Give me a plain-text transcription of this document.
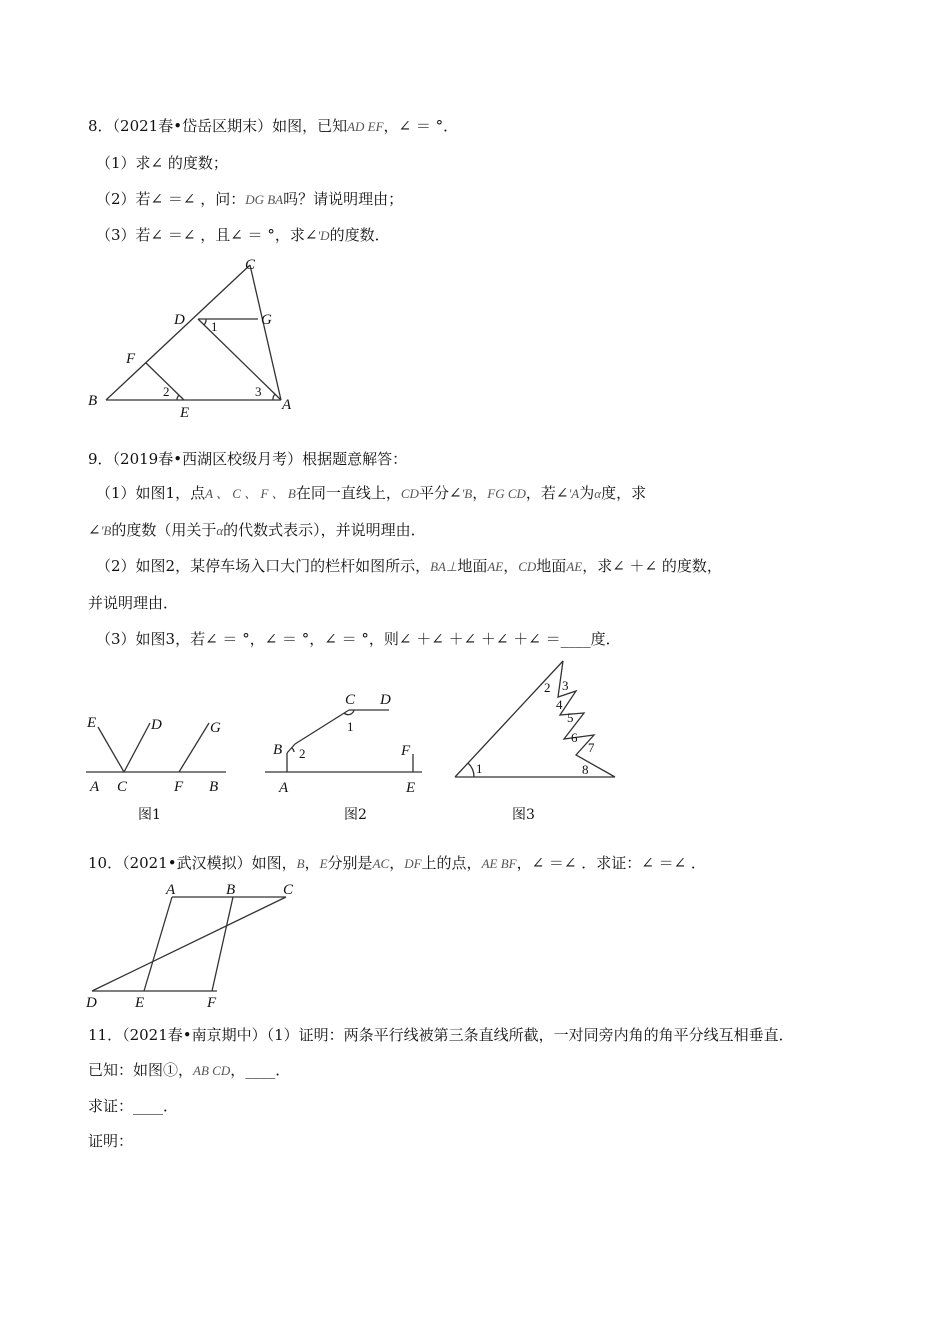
8．（2021春•岱岳区期末）如图，已知AD EF，∠ ＝ °．
（1）求∠ 的度数；
（2）若∠ ＝∠ ，问：DG BA吗？请说明理由；
（3）若∠ ＝∠ ，且∠ ＝ °，求∠'D的度数．
C
D	G
F
B
E	A
1
2	3
9．（2019春•西湖区校级月考）根据题意解答：
（1）如图1，点A 、 C 、 F 、 B在同一直线上，CD平分∠'B，FG CD，若∠'A为α度，求
∠'B的度数（用关于α的代数式表示），并说明理由．
（2）如图2，某停车场入口大门的栏杆如图所示，BA⊥地面AE，CD地面AE，求∠ ＋∠ 的度数，
并说明理由．
（3）如图3，若∠ ＝ °，∠ ＝ °，∠ ＝ °，则∠ ＋∠ ＋∠ ＋∠ ＋∠ ＝____度．
E	D	G
A C	F B
图1
C D
B	F
A	E
1
2
图2
1
2 3
4
5
6
7
8
图3
10．（2021•武汉模拟）如图，B，E分别是AC，DF上的点，AE BF，∠ ＝∠ ．求证：∠ ＝∠ ．
A	B	C
D	E	F
11．（2021春•南京期中）（1）证明：两条平行线被第三条直线所截，一对同旁内角的角平分线互相垂直．
已知：如图①，AB CD，____．
求证：____．
证明：
